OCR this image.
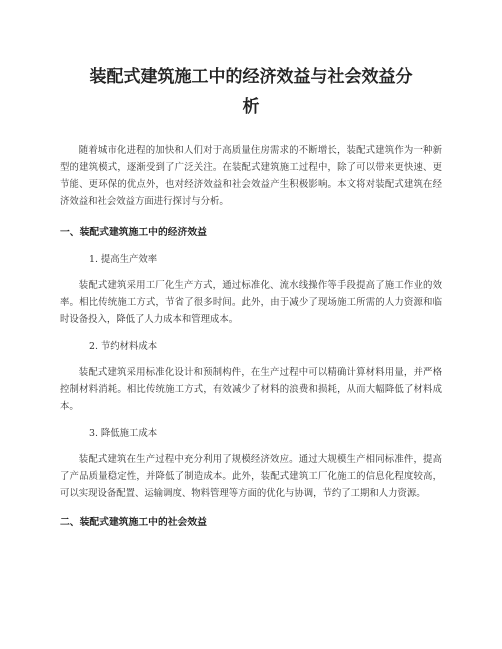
装配式建筑施工中的经济效益与社会效益分
析

随着城市化进程的加快和人们对于高质量住房需求的不断增长，装配式建筑作为一种新型的建筑模式，逐渐受到了广泛关注。在装配式建筑施工过程中，除了可以带来更快速、更节能、更环保的优点外，也对经济效益和社会效益产生积极影响。本文将对装配式建筑在经济效益和社会效益方面进行探讨与分析。

一、装配式建筑施工中的经济效益
1. 提高生产效率

装配式建筑采用工厂化生产方式，通过标准化、流水线操作等手段提高了施工作业的效率。相比传统施工方式，节省了很多时间。此外，由于减少了现场施工所需的人力资源和临时设备投入，降低了人力成本和管理成本。

2. 节约材料成本

装配式建筑采用标准化设计和预制构件，在生产过程中可以精确计算材料用量，并严格控制材料消耗。相比传统施工方式，有效减少了材料的浪费和损耗，从而大幅降低了材料成本。

3. 降低施工成本

装配式建筑在生产过程中充分利用了规模经济效应。通过大规模生产相同标准件，提高了产品质量稳定性，并降低了制造成本。此外，装配式建筑工厂化施工的信息化程度较高，可以实现设备配置、运输调度、物料管理等方面的优化与协调，节约了工期和人力资源。

二、装配式建筑施工中的社会效益
